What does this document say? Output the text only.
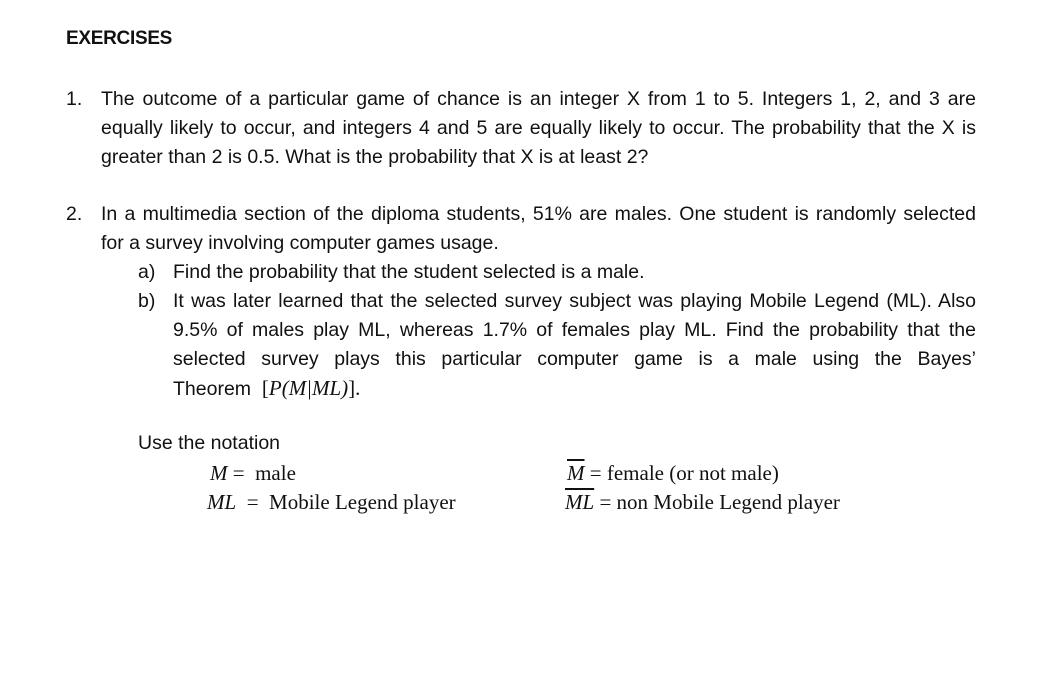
EXERCISES
1. The outcome of a particular game of chance is an integer X from 1 to 5. Integers 1, 2, and 3 are equally likely to occur, and integers 4 and 5 are equally likely to occur. The probability that the X is greater than 2 is 0.5. What is the probability that X is at least 2?
2. In a multimedia section of the diploma students, 51% are males. One student is randomly selected for a survey involving computer games usage.
a) Find the probability that the student selected is a male.
b) It was later learned that the selected survey subject was playing Mobile Legend (ML). Also 9.5% of males play ML, whereas 1.7% of females play ML. Find the probability that the selected survey plays this particular computer game is a male using the Bayes’ Theorem [P(M|ML)].
Use the notation
M =  male
ML  =  Mobile Legend player
$\overline{M}$ = female (or not male)
$\overline{ML}$ = non Mobile Legend player
